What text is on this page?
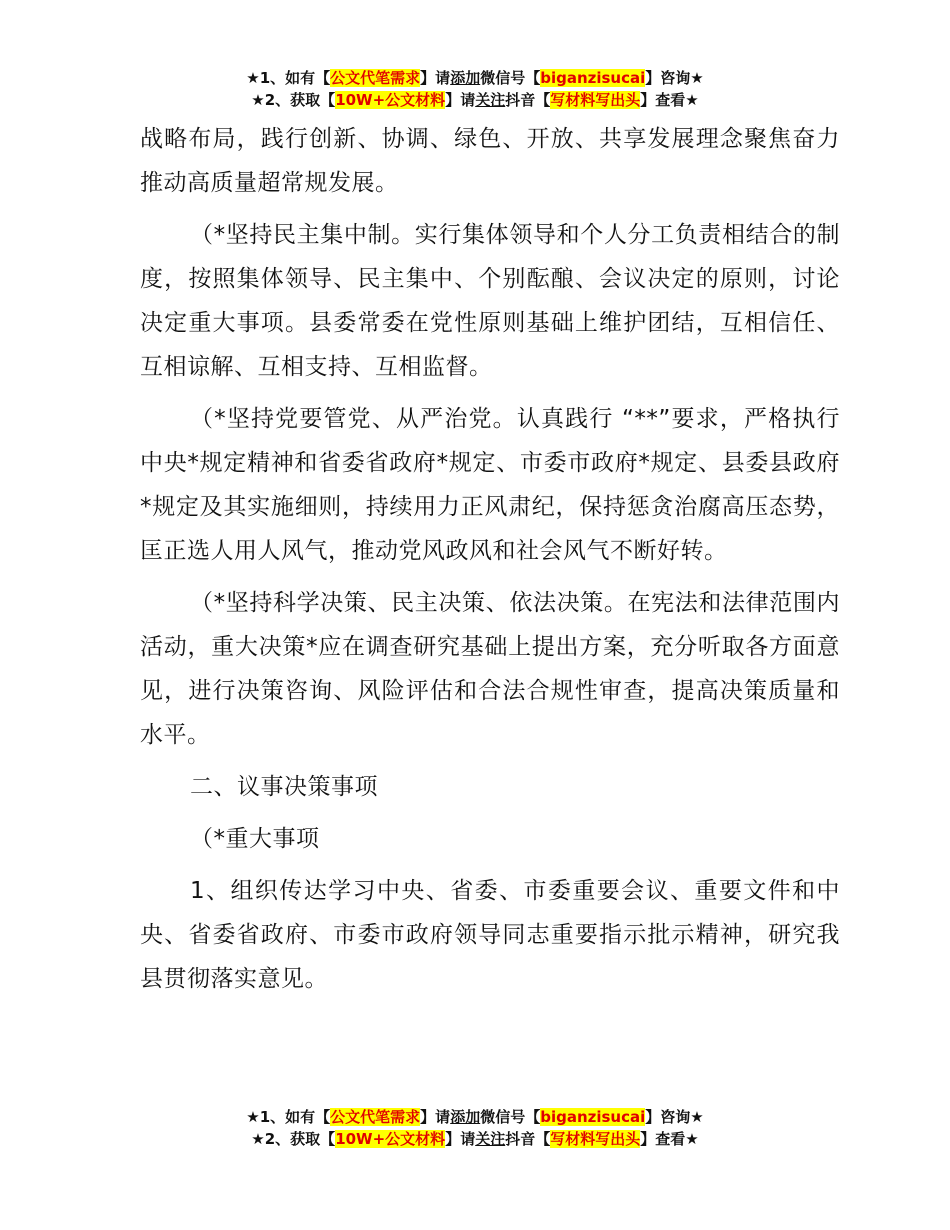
★1、如有【公文代笔需求】请添加微信号【biganzisucai】咨询★
★2、获取【10W+公文材料】请关注抖音【写材料写出头】查看★

战略布局，践行创新、协调、绿色、开放、共享发展理念聚焦奋力推动高质量超常规发展。

（*坚持民主集中制。实行集体领导和个人分工负责相结合的制度，按照集体领导、民主集中、个别酝酿、会议决定的原则，讨论决定重大事项。县委常委在党性原则基础上维护团结，互相信任、互相谅解、互相支持、互相监督。

（*坚持党要管党、从严治党。认真践行 “**”要求，严格执行中央*规定精神和省委省政府*规定、市委市政府*规定、县委县政府*规定及其实施细则，持续用力正风肃纪，保持惩贪治腐高压态势，匡正选人用人风气，推动党风政风和社会风气不断好转。

（*坚持科学决策、民主决策、依法决策。在宪法和法律范围内活动，重大决策*应在调查研究基础上提出方案，充分听取各方面意见，进行决策咨询、风险评估和合法合规性审查，提高决策质量和水平。

二、议事决策事项

（*重大事项

1、组织传达学习中央、省委、市委重要会议、重要文件和中央、省委省政府、市委市政府领导同志重要指示批示精神，研究我县贯彻落实意见。

★1、如有【公文代笔需求】请添加微信号【biganzisucai】咨询★
★2、获取【10W+公文材料】请关注抖音【写材料写出头】查看★
